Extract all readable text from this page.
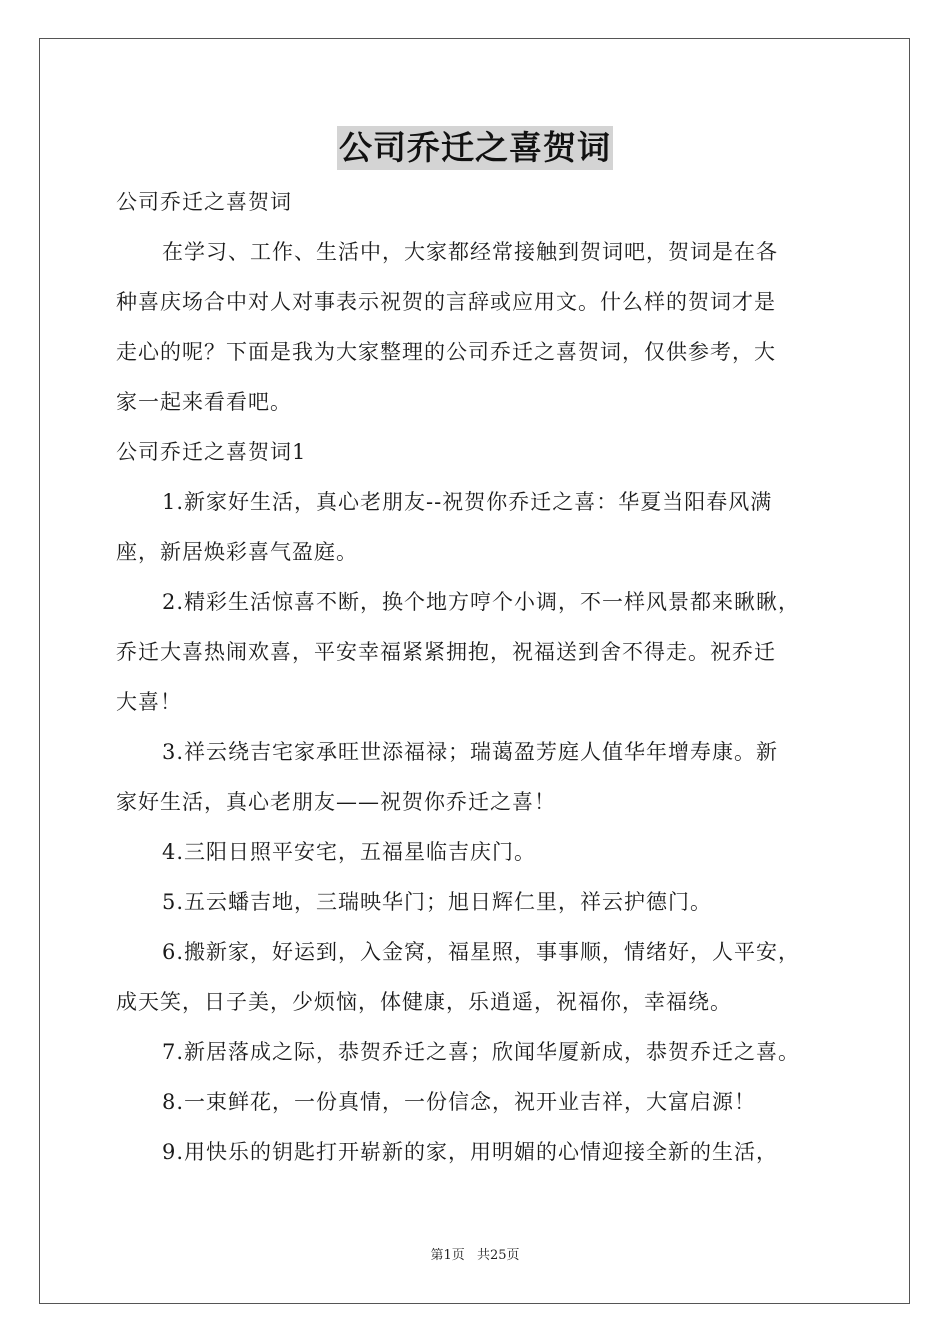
公司乔迁之喜贺词
公司乔迁之喜贺词
在学习、工作、生活中，大家都经常接触到贺词吧，贺词是在各
种喜庆场合中对人对事表示祝贺的言辞或应用文。什么样的贺词才是
走心的呢？下面是我为大家整理的公司乔迁之喜贺词，仅供参考，大
家一起来看看吧。
公司乔迁之喜贺词1
1.新家好生活，真心老朋友--祝贺你乔迁之喜：华夏当阳春风满
座，新居焕彩喜气盈庭。
2.精彩生活惊喜不断，换个地方哼个小调，不一样风景都来瞅瞅，
乔迁大喜热闹欢喜，平安幸福紧紧拥抱，祝福送到舍不得走。祝乔迁
大喜！
3.祥云绕吉宅家承旺世添福禄；瑞蔼盈芳庭人值华年增寿康。新
家好生活，真心老朋友——祝贺你乔迁之喜！
4.三阳日照平安宅，五福星临吉庆门。
5.五云蟠吉地，三瑞映华门；旭日辉仁里，祥云护德门。
6.搬新家，好运到，入金窝，福星照，事事顺，情绪好，人平安，
成天笑，日子美，少烦恼，体健康，乐逍遥，祝福你，幸福绕。
7.新居落成之际，恭贺乔迁之喜；欣闻华厦新成，恭贺乔迁之喜。
8.一束鲜花，一份真情，一份信念，祝开业吉祥，大富启源！
9.用快乐的钥匙打开崭新的家，用明媚的心情迎接全新的生活，
第1页 共25页
